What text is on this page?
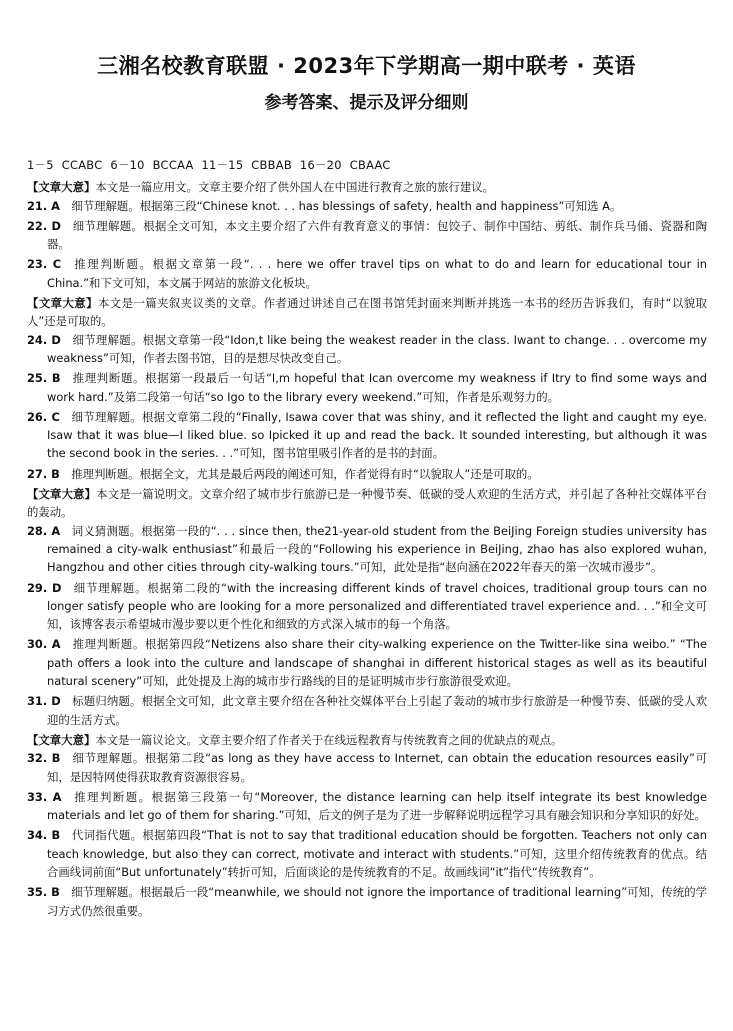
三湘名校教育联盟 · 2023年下学期高一期中联考 · 英语
参考答案、提示及评分细则

1－5 CCABC 6－10 BCCAA 11－15 CBBAB 16－20 CBAAC

【文章大意】本文是一篇应用文。文章主要介绍了供外国人在中国进行教育之旅的旅行建议。

21. A  细节理解题。根据第三段“Chinese knot. . . has blessings of safety, health and happiness”可知选 A。

22. D  细节理解题。根据全文可知，本文主要介绍了六件有教育意义的事情：包饺子、制作中国结、剪纸、制作兵马俑、瓷器和陶器。

23. C  推理判断题。根据文章第一段“. . . here we offer travel tips on what to do and learn for educational tour in China.”和下文可知，本文属于网站的旅游文化板块。

【文章大意】本文是一篇夹叙夹议类的文章。作者通过讲述自己在图书馆凭封面来判断并挑选一本书的经历告诉我们，有时“以貌取人”还是可取的。

24. D  细节理解题。根据文章第一段“Idon,t like being the weakest reader in the class. Iwant to change. . . overcome my weakness”可知，作者去图书馆，目的是想尽快改变自己。

25. B  推理判断题。根据第一段最后一句话“I,m hopeful that Ican overcome my weakness if Itry to find some ways and work hard.”及第二段第一句话“so Igo to the library every weekend.”可知，作者是乐观努力的。

26. C  细节理解题。根据文章第二段的“Finally, Isawa cover that was shiny, and it reflected the light and caught my eye. Isaw that it was blue—I liked blue. so Ipicked it up and read the back. It sounded interesting, but although it was the second book in the series. . .”可知，图书馆里吸引作者的是书的封面。

27. B  推理判断题。根据全文，尤其是最后两段的阐述可知，作者觉得有时“以貌取人”还是可取的。

【文章大意】本文是一篇说明文。文章介绍了城市步行旅游已是一种慢节奏、低碳的受人欢迎的生活方式，并引起了各种社交媒体平台的轰动。

28. A  词义猜测题。根据第一段的“. . . since then, the21-year-old student from the BeiJing Foreign studies university has remained a city-walk enthusiast”和最后一段的“Following his experience in BeiJing, zhao has also explored wuhan, Hangzhou and other cities through city-walking tours.”可知，此处是指“赵向涵在2022年春天的第一次城市漫步”。

29. D  细节理解题。根据第二段的“with the increasing different kinds of travel choices, traditional group tours can no longer satisfy people who are looking for a more personalized and differentiated travel experience and. . .”和全文可知，该博客表示希望城市漫步要以更个性化和细致的方式深入城市的每一个角落。

30. A  推理判断题。根据第四段“Netizens also share their city-walking experience on the Twitter-like sina weibo.” “The path offers a look into the culture and landscape of shanghai in different historical stages as well as its beautiful natural scenery”可知，此处提及上海的城市步行路线的目的是证明城市步行旅游很受欢迎。

31. D  标题归纳题。根据全文可知，此文章主要介绍在各种社交媒体平台上引起了轰动的城市步行旅游是一种慢节奏、低碳的受人欢迎的生活方式。

【文章大意】本文是一篇议论文。文章主要介绍了作者关于在线远程教育与传统教育之间的优缺点的观点。

32. B  细节理解题。根据第二段“as long as they have access to Internet, can obtain the education resources easily”可知，是因特网使得获取教育资源很容易。

33. A  推理判断题。根据第三段第一句“Moreover, the distance learning can help itself integrate its best knowledge materials and let go of them for sharing.”可知，后文的例子是为了进一步解释说明远程学习具有融会知识和分享知识的好处。

34. B  代词指代题。根据第四段“That is not to say that traditional education should be forgotten. Teachers not only can teach knowledge, but also they can correct, motivate and interact with students.”可知，这里介绍传统教育的优点。结合画线词前面“But unfortunately”转折可知，后面谈论的是传统教育的不足。故画线词“it”指代“传统教育”。

35. B  细节理解题。根据最后一段“meanwhile, we should not ignore the importance of traditional learning”可知，传统的学习方式仍然很重要。
